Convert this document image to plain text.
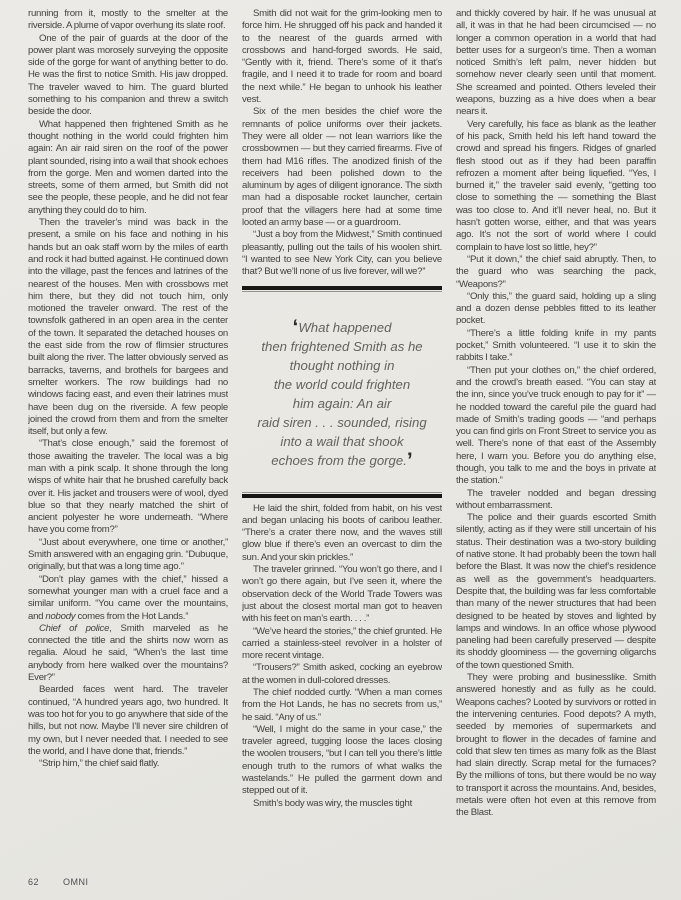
running from it, mostly to the smelter at the riverside. A plume of vapor overhung its slate roof.

One of the pair of guards at the door of the power plant was morosely surveying the opposite side of the gorge for want of anything better to do. He was the first to notice Smith. His jaw dropped. The traveler waved to him. The guard blurted something to his companion and threw a switch beside the door.

What happened then frightened Smith as he thought nothing in the world could frighten him again: An air raid siren on the roof of the power plant sounded, rising into a wail that shook echoes from the gorge. Men and women darted into the streets, some of them armed, but Smith did not see the people, these people, and he did not fear anything they could do to him.

Then the traveler’s mind was back in the present, a smile on his face and nothing in his hands but an oak staff worn by the miles of earth and rock it had butted against. He continued down into the village, past the fences and latrines of the nearest of the houses. Men with crossbows met him there, but they did not touch him, only motioned the traveler onward. The rest of the townsfolk gathered in an open area in the center of the town. It separated the detached houses on the east side from the row of flimsier structures built along the river. The latter obviously served as barracks, taverns, and brothels for bargees and smelter workers. The row buildings had no windows facing east, and even their latrines must have been dug on the riverside. A few people joined the crowd from them and from the smelter itself, but only a few.

“That’s close enough,” said the foremost of those awaiting the traveler. The local was a big man with a pink scalp. It shone through the long wisps of white hair that he brushed carefully back over it. His jacket and trousers were of wool, dyed blue so that they nearly matched the shirt of ancient polyester he wore underneath. “Where have you come from?”

“Just about everywhere, one time or another,” Smith answered with an engaging grin. “Dubuque, originally, but that was a long time ago.”

“Don’t play games with the chief,” hissed a somewhat younger man with a cruel face and a similar uniform. “You came over the mountains, and nobody comes from the Hot Lands.”

Chief of police, Smith marveled as he connected the title and the shirts now worn as regalia. Aloud he said, “When’s the last time anybody from here walked over the mountains? Ever?”

Bearded faces went hard. The traveler continued, “A hundred years ago, two hundred. It was too hot for you to go anywhere that side of the hills, but not now. Maybe I’ll never sire children of my own, but I never needed that. I needed to see the world, and I have done that, friends.”

“Strip him,” the chief said flatly.

Smith did not wait for the grim-looking men to force him. He shrugged off his pack and handed it to the nearest of the guards armed with crossbows and hand-forged swords. He said, “Gently with it, friend. There’s some of it that’s fragile, and I need it to trade for room and board the next while.” He began to unhook his leather vest.

Six of the men besides the chief wore the remnants of police uniforms over their jackets. They were all older — not lean warriors like the crossbowmen — but they carried firearms. Five of them had M16 rifles. The anodized finish of the receivers had been polished down to the aluminum by ages of diligent ignorance. The sixth man had a disposable rocket launcher, certain proof that the villagers here had at some time looted an army base — or a guardroom.

“Just a boy from the Midwest,” Smith continued pleasantly, pulling out the tails of his woolen shirt. “I wanted to see New York City, can you believe that? But we’ll none of us live forever, will we?”

‘What happened
then frightened Smith as he
thought nothing in
the world could frighten
him again: An air
raid siren . . . sounded, rising
into a wail that shook
echoes from the gorge.’

He laid the shirt, folded from habit, on his vest and began unlacing his boots of caribou leather. “There’s a crater there now, and the waves still glow blue if there’s even an overcast to dim the sun. And your skin prickles.”

The traveler grinned. “You won’t go there, and I won’t go there again, but I’ve seen it, where the observation deck of the World Trade Towers was just about the closest mortal man got to heaven with his feet on man’s earth. . . .”

“We’ve heard the stories,” the chief grunted. He carried a stainless-steel revolver in a holster of more recent vintage.

“Trousers?” Smith asked, cocking an eyebrow at the women in dull-colored dresses.

The chief nodded curtly. “When a man comes from the Hot Lands, he has no secrets from us,” he said. “Any of us.”

“Well, I might do the same in your case,” the traveler agreed, tugging loose the laces closing the woolen trousers, “but I can tell you there’s little enough truth to the rumors of what walks the wastelands.” He pulled the garment down and stepped out of it.

Smith’s body was wiry, the muscles tight

and thickly covered by hair. If he was unusual at all, it was in that he had been circumcised — no longer a common operation in a world that had better uses for a surgeon’s time. Then a woman noticed Smith’s left palm, never hidden but somehow never clearly seen until that moment. She screamed and pointed. Others leveled their weapons, buzzing as a hive does when a bear nears it.

Very carefully, his face as blank as the leather of his pack, Smith held his left hand toward the crowd and spread his fingers. Ridges of gnarled flesh stood out as if they had been paraffin refrozen a moment after being liquefied. “Yes, I burned it,” the traveler said evenly, “getting too close to something the — something the Blast was too close to. And it’ll never heal, no. But it hasn’t gotten worse, either, and that was years ago. It’s not the sort of world where I could complain to have lost so little, hey?”

“Put it down,” the chief said abruptly. Then, to the guard who was searching the pack, “Weapons?”

“Only this,” the guard said, holding up a sling and a dozen dense pebbles fitted to its leather pocket.

“There’s a little folding knife in my pants pocket,” Smith volunteered. “I use it to skin the rabbits I take.”

“Then put your clothes on,” the chief ordered, and the crowd’s breath eased. “You can stay at the inn, since you’ve truck enough to pay for it” — he nodded toward the careful pile the guard had made of Smith’s trading goods — “and perhaps you can find girls on Front Street to service you as well. There’s none of that east of the Assembly here, I warn you. Before you do anything else, though, you talk to me and the boys in private at the station.”

The traveler nodded and began dressing without embarrassment.

The police and their guards escorted Smith silently, acting as if they were still uncertain of his status. Their destination was a two-story building of native stone. It had probably been the town hall before the Blast. It was now the chief’s residence as well as the government’s headquarters. Despite that, the building was far less comfortable than many of the newer structures that had been designed to be heated by stoves and lighted by lamps and windows. In an office whose plywood paneling had been carefully preserved — despite its shoddy gloominess — the governing oligarchs of the town questioned Smith.

They were probing and businesslike. Smith answered honestly and as fully as he could. Weapons caches? Looted by survivors or rotted in the intervening centuries. Food depots? A myth, seeded by memories of supermarkets and brought to flower in the decades of famine and cold that slew ten times as many folk as the Blast had slain directly. Scrap metal for the furnaces? By the millions of tons, but there would be no way to transport it across the mountains. And, besides, metals were often hot even at this remove from the Blast.

62	OMNI
